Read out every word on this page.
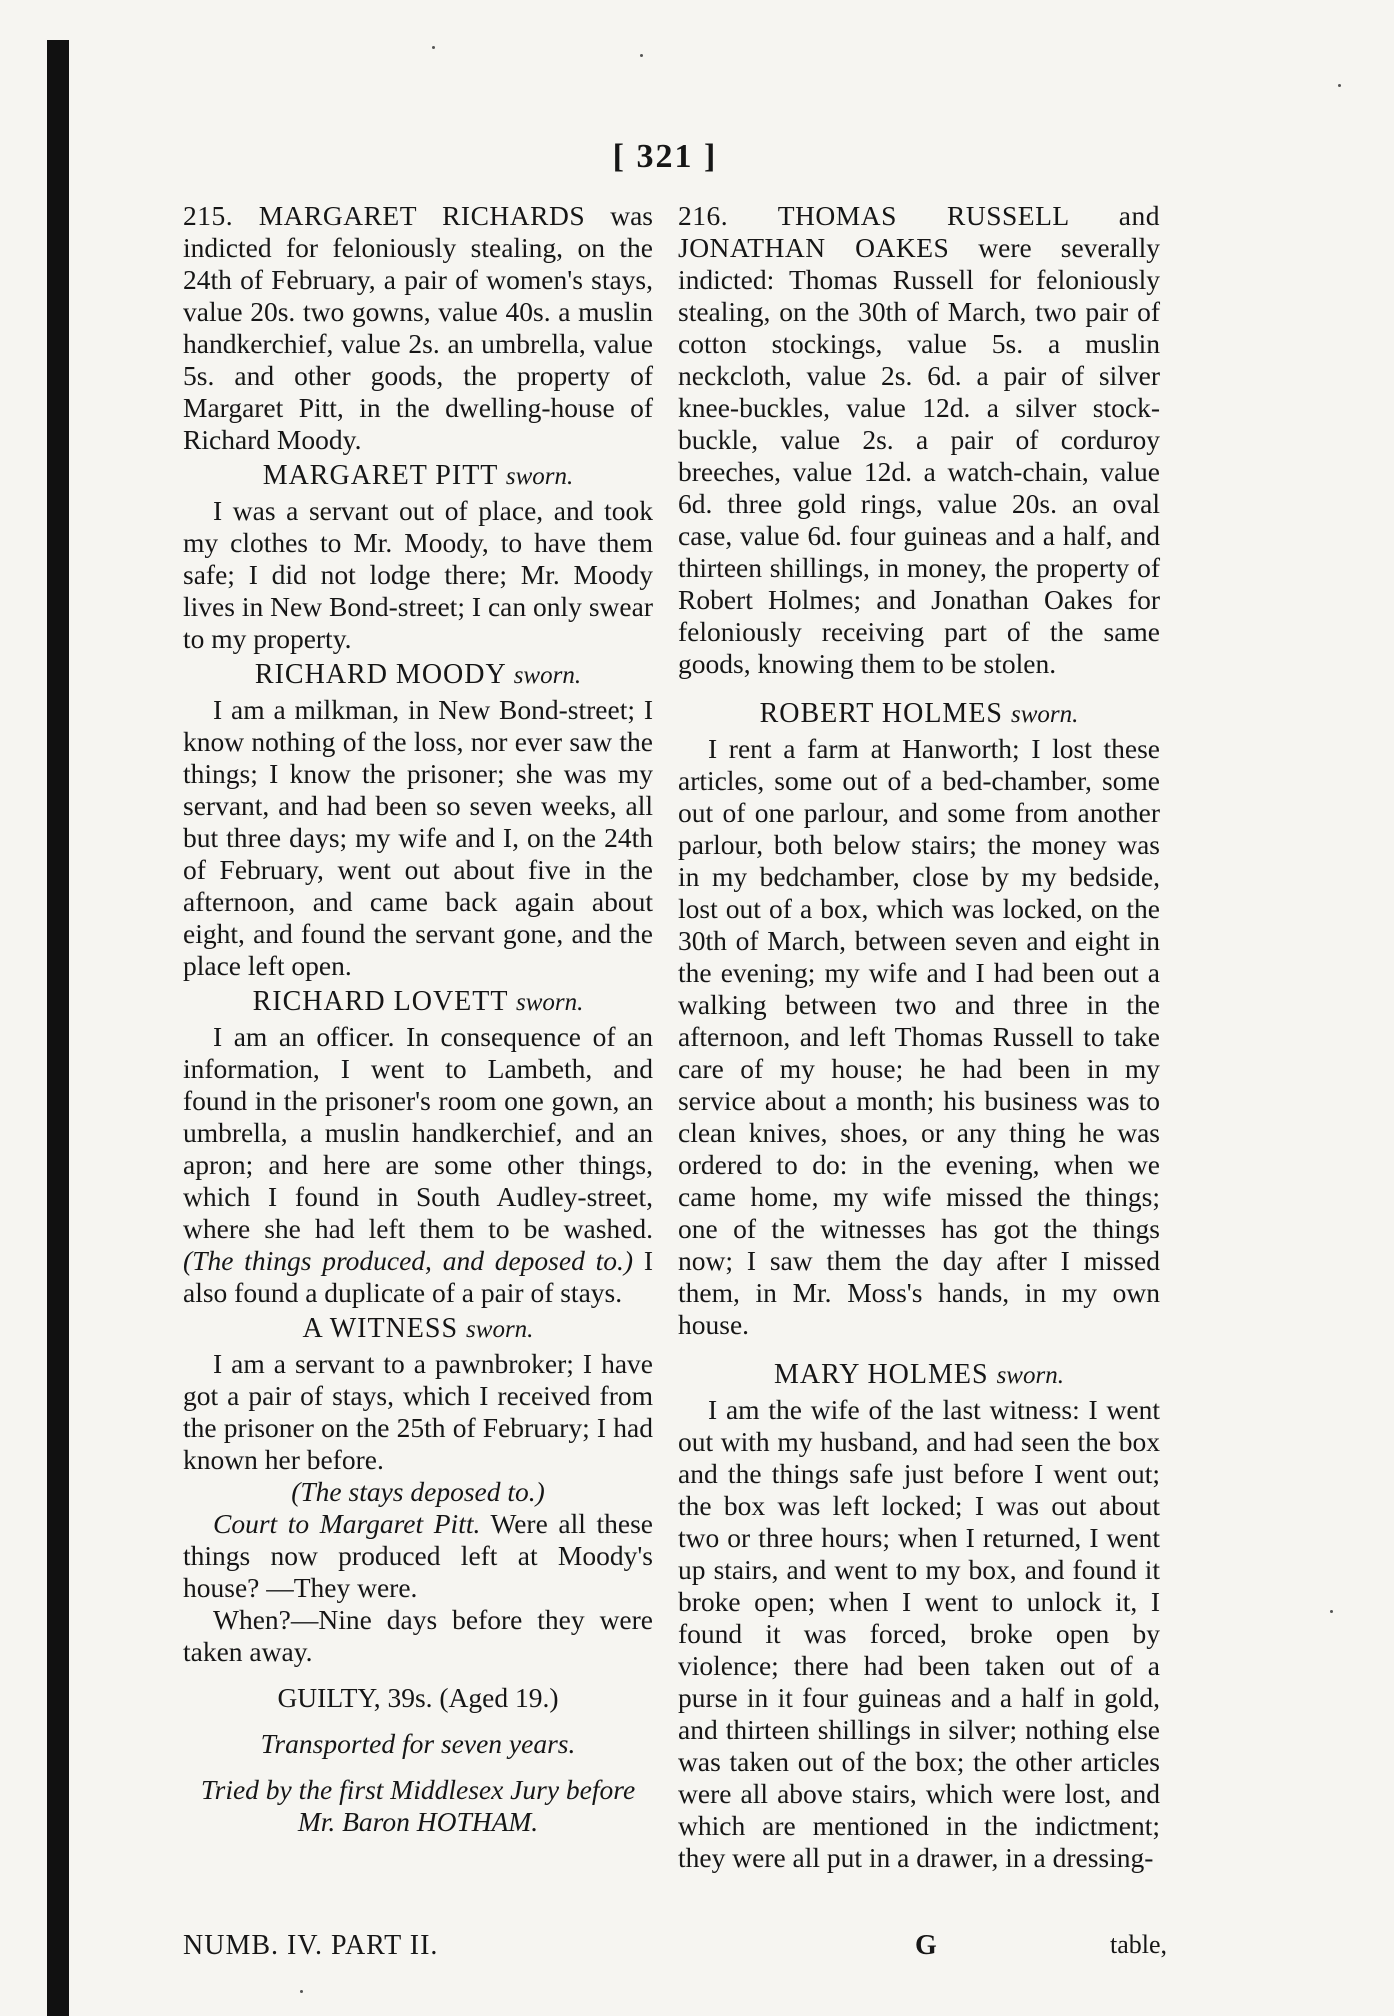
[ 321 ]

215. MARGARET RICHARDS was indicted for feloniously stealing, on the 24th of February, a pair of women's stays, value 20s. two gowns, value 40s. a muslin handkerchief, value 2s. an umbrella, value 5s. and other goods, the property of Margaret Pitt, in the dwelling-house of Richard Moody.

MARGARET PITT sworn.

I was a servant out of place, and took my clothes to Mr. Moody, to have them safe; I did not lodge there; Mr. Moody lives in New Bond-street; I can only swear to my property.

RICHARD MOODY sworn.

I am a milkman, in New Bond-street; I know nothing of the loss, nor ever saw the things; I know the prisoner; she was my servant, and had been so seven weeks, all but three days; my wife and I, on the 24th of February, went out about five in the afternoon, and came back again about eight, and found the servant gone, and the place left open.

RICHARD LOVETT sworn.

I am an officer. In consequence of an information, I went to Lambeth, and found in the prisoner's room one gown, an umbrella, a muslin handkerchief, and an apron; and here are some other things, which I found in South Audley-street, where she had left them to be washed. (The things produced, and deposed to.) I also found a duplicate of a pair of stays.

A WITNESS sworn.

I am a servant to a pawnbroker; I have got a pair of stays, which I received from the prisoner on the 25th of February; I had known her before.

(The stays deposed to.)

Court to Margaret Pitt. Were all these things now produced left at Moody's house? —They were.

When?—Nine days before they were taken away.

GUILTY, 39s. (Aged 19.)

Transported for seven years.

Tried by the first Middlesex Jury before

Mr. Baron HOTHAM.

216. THOMAS RUSSELL and JONATHAN OAKES were severally indicted: Thomas Russell for feloniously stealing, on the 30th of March, two pair of cotton stockings, value 5s. a muslin neckcloth, value 2s. 6d. a pair of silver knee-buckles, value 12d. a silver stock-buckle, value 2s. a pair of corduroy breeches, value 12d. a watch-chain, value 6d. three gold rings, value 20s. an oval case, value 6d. four guineas and a half, and thirteen shillings, in money, the property of Robert Holmes; and Jonathan Oakes for feloniously receiving part of the same goods, knowing them to be stolen.

ROBERT HOLMES sworn.

I rent a farm at Hanworth; I lost these articles, some out of a bed-chamber, some out of one parlour, and some from another parlour, both below stairs; the money was in my bedchamber, close by my bedside, lost out of a box, which was locked, on the 30th of March, between seven and eight in the evening; my wife and I had been out a walking between two and three in the afternoon, and left Thomas Russell to take care of my house; he had been in my service about a month; his business was to clean knives, shoes, or any thing he was ordered to do: in the evening, when we came home, my wife missed the things; one of the witnesses has got the things now; I saw them the day after I missed them, in Mr. Moss's hands, in my own house.

MARY HOLMES sworn.

I am the wife of the last witness: I went out with my husband, and had seen the box and the things safe just before I went out; the box was left locked; I was out about two or three hours; when I returned, I went up stairs, and went to my box, and found it broke open; when I went to unlock it, I found it was forced, broke open by violence; there had been taken out of a purse in it four guineas and a half in gold, and thirteen shillings in silver; nothing else was taken out of the box; the other articles were all above stairs, which were lost, and which are mentioned in the indictment; they were all put in a drawer, in a dressing-

NUMB. IV. PART II.	G	table,
